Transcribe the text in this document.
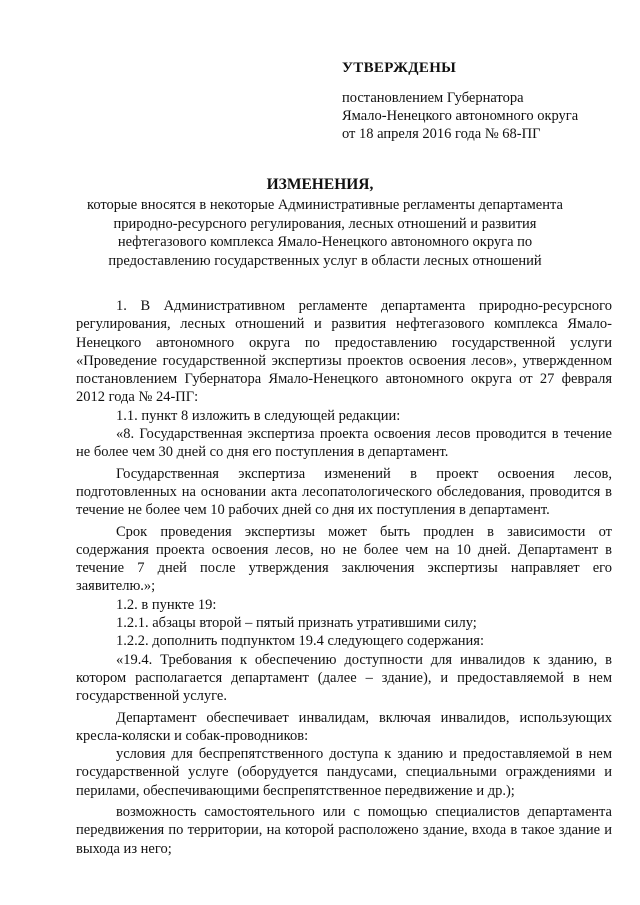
УТВЕРЖДЕНЫ
постановлением Губернатора
Ямало-Ненецкого автономного округа
от 18 апреля 2016 года № 68-ПГ
ИЗМЕНЕНИЯ,
которые вносятся в некоторые Административные регламенты департамента
природно-ресурсного регулирования, лесных отношений и развития
нефтегазового комплекса Ямало-Ненецкого автономного округа по
предоставлению государственных услуг в области лесных отношений

1. В Административном регламенте департамента природно-ресурсного регулирования, лесных отношений и развития нефтегазового комплекса Ямало-Ненецкого автономного округа по предоставлению государственной услуги «Проведение государственной экспертизы проектов освоения лесов», утвержденном постановлением Губернатора Ямало-Ненецкого автономного округа от 27 февраля 2012 года № 24-ПГ:

1.1. пункт 8 изложить в следующей редакции:

«8. Государственная экспертиза проекта освоения лесов проводится в течение не более чем 30 дней со дня его поступления в департамент.

Государственная экспертиза изменений в проект освоения лесов, подготовленных на основании акта лесопатологического обследования, проводится в течение не более чем 10 рабочих дней со дня их поступления в департамент.

Срок проведения экспертизы может быть продлен в зависимости от содержания проекта освоения лесов, но не более чем на 10 дней. Департамент в течение 7 дней после утверждения заключения экспертизы направляет его заявителю.»;

1.2. в пункте 19:

1.2.1. абзацы второй – пятый признать утратившими силу;

1.2.2. дополнить подпунктом 19.4 следующего содержания:

«19.4. Требования к обеспечению доступности для инвалидов к зданию, в котором располагается департамент (далее – здание), и предоставляемой в нем государственной услуге.

Департамент обеспечивает инвалидам, включая инвалидов, использующих кресла-коляски и собак-проводников:

условия для беспрепятственного доступа к зданию и предоставляемой в нем государственной услуге (оборудуется пандусами, специальными ограждениями и перилами, обеспечивающими беспрепятственное передвижение и др.);

возможность самостоятельного или с помощью специалистов департамента передвижения по территории, на которой расположено здание, входа в такое здание и выхода из него;
